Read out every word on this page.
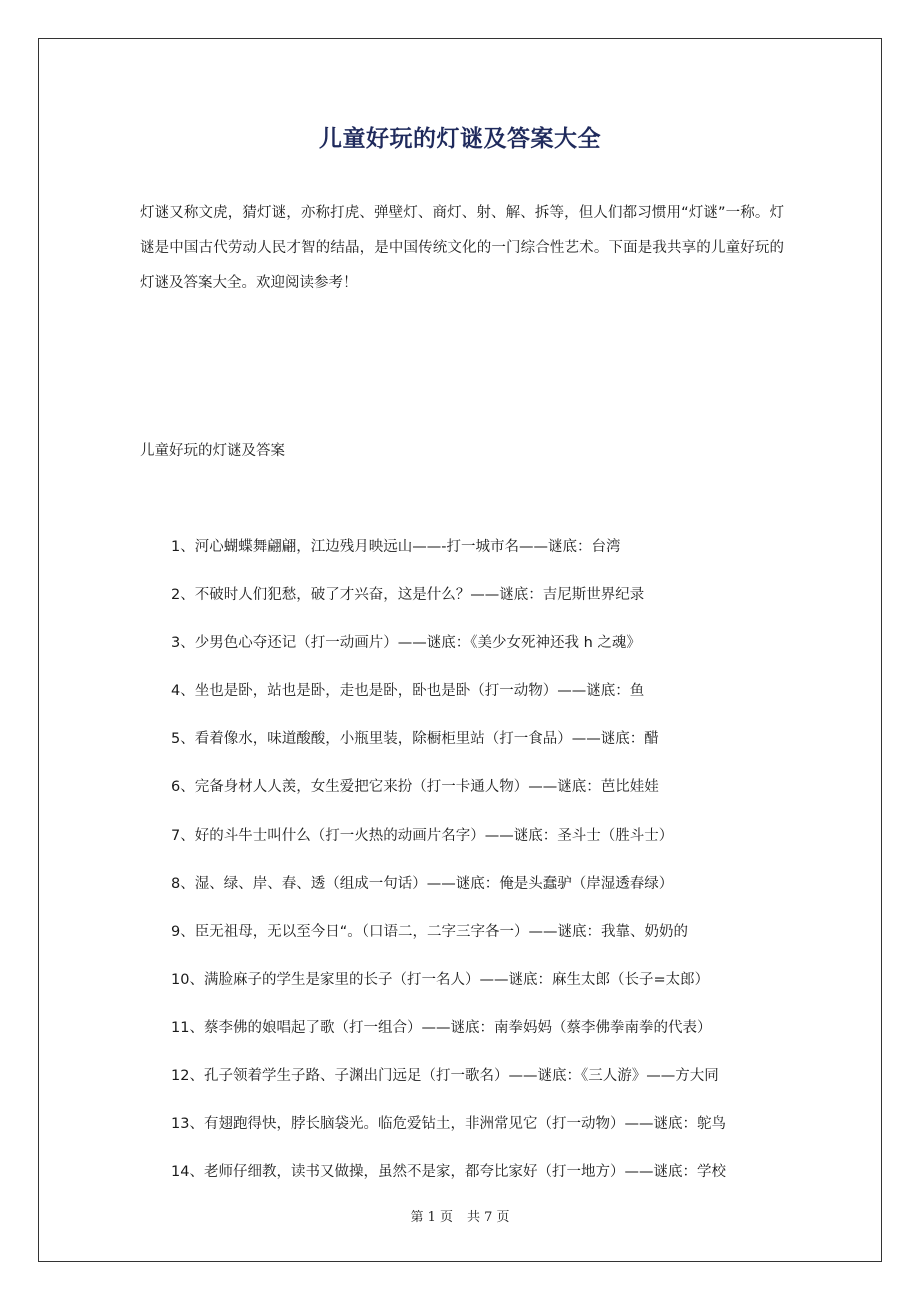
儿童好玩的灯谜及答案大全

灯谜又称文虎，猜灯谜，亦称打虎、弹壁灯、商灯、射、解、拆等，但人们都习惯用“灯谜”一称。灯谜是中国古代劳动人民才智的结晶，是中国传统文化的一门综合性艺术。下面是我共享的儿童好玩的灯谜及答案大全。欢迎阅读参考！

儿童好玩的灯谜及答案

1、河心蝴蝶舞翩翩，江边残月映远山——-打一城市名——谜底：台湾
2、不破时人们犯愁，破了才兴奋，这是什么？——谜底：吉尼斯世界纪录
3、少男色心夺还记（打一动画片）——谜底：《美少女死神还我 h 之魂》
4、坐也是卧，站也是卧，走也是卧，卧也是卧（打一动物）——谜底：鱼
5、看着像水，味道酸酸，小瓶里装，除橱柜里站（打一食品）——谜底：醋
6、完备身材人人羡，女生爱把它来扮（打一卡通人物）——谜底：芭比娃娃
7、好的斗牛士叫什么（打一火热的动画片名字）——谜底：圣斗士（胜斗士）
8、湿、绿、岸、春、透（组成一句话）——谜底：俺是头蠢驴（岸湿透春绿）
9、臣无祖母，无以至今日“。（口语二，二字三字各一）——谜底：我靠、奶奶的
10、满脸麻子的学生是家里的长子（打一名人）——谜底：麻生太郎（长子=太郎）
11、蔡李佛的娘唱起了歌（打一组合）——谜底：南拳妈妈（蔡李佛拳南拳的代表）
12、孔子领着学生子路、子渊出门远足（打一歌名）——谜底：《三人游》——方大同
13、有翅跑得快，脖长脑袋光。临危爱钻土，非洲常见它（打一动物）——谜底：鸵鸟
14、老师仔细教，读书又做操，虽然不是家，都夸比家好（打一地方）——谜底：学校
第 1 页 共 7 页
